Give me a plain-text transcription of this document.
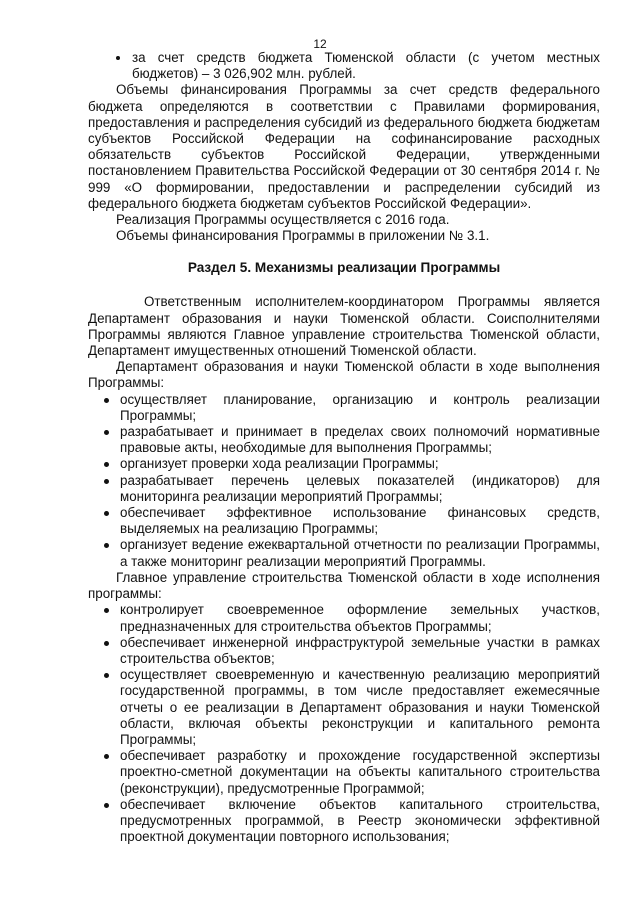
12
за счет средств бюджета Тюменской области (с учетом местных бюджетов) – 3 026,902 млн. рублей.

Объемы финансирования Программы за счет средств федерального бюджета определяются в соответствии с Правилами формирования, предоставления и распределения субсидий из федерального бюджета бюджетам субъектов Российской Федерации на софинансирование расходных обязательств субъектов Российской Федерации, утвержденными постановлением Правительства Российской Федерации от 30 сентября 2014 г. № 999 «О формировании, предоставлении и распределении субсидий из федерального бюджета бюджетам субъектов Российской Федерации».

Реализация Программы осуществляется с 2016 года.

Объемы финансирования Программы в приложении № 3.1.

Раздел 5. Механизмы реализации Программы

Ответственным исполнителем-координатором Программы является Департамент образования и науки Тюменской области. Соисполнителями Программы являются Главное управление строительства Тюменской области, Департамент имущественных отношений Тюменской области.

Департамент образования и науки Тюменской области в ходе выполнения Программы:

осуществляет планирование, организацию и контроль реализации Программы;
разрабатывает и принимает в пределах своих полномочий нормативные правовые акты, необходимые для выполнения Программы;
организует проверки хода реализации Программы;
разрабатывает перечень целевых показателей (индикаторов) для мониторинга реализации мероприятий Программы;
обеспечивает эффективное использование финансовых средств, выделяемых на реализацию Программы;
организует ведение ежеквартальной отчетности по реализации Программы, а также мониторинг реализации мероприятий Программы.

Главное управление строительства Тюменской области в ходе исполнения программы:

контролирует своевременное оформление земельных участков, предназначенных для строительства объектов Программы;
обеспечивает инженерной инфраструктурой земельные участки в рамках строительства объектов;
осуществляет своевременную и качественную реализацию мероприятий государственной программы, в том числе предоставляет ежемесячные отчеты о ее реализации в Департамент образования и науки Тюменской области, включая объекты реконструкции и капитального ремонта Программы;
обеспечивает разработку и прохождение государственной экспертизы проектно-сметной документации на объекты капитального строительства (реконструкции), предусмотренные Программой;
обеспечивает включение объектов капитального строительства, предусмотренных программой, в Реестр экономически эффективной проектной документации повторного использования;
